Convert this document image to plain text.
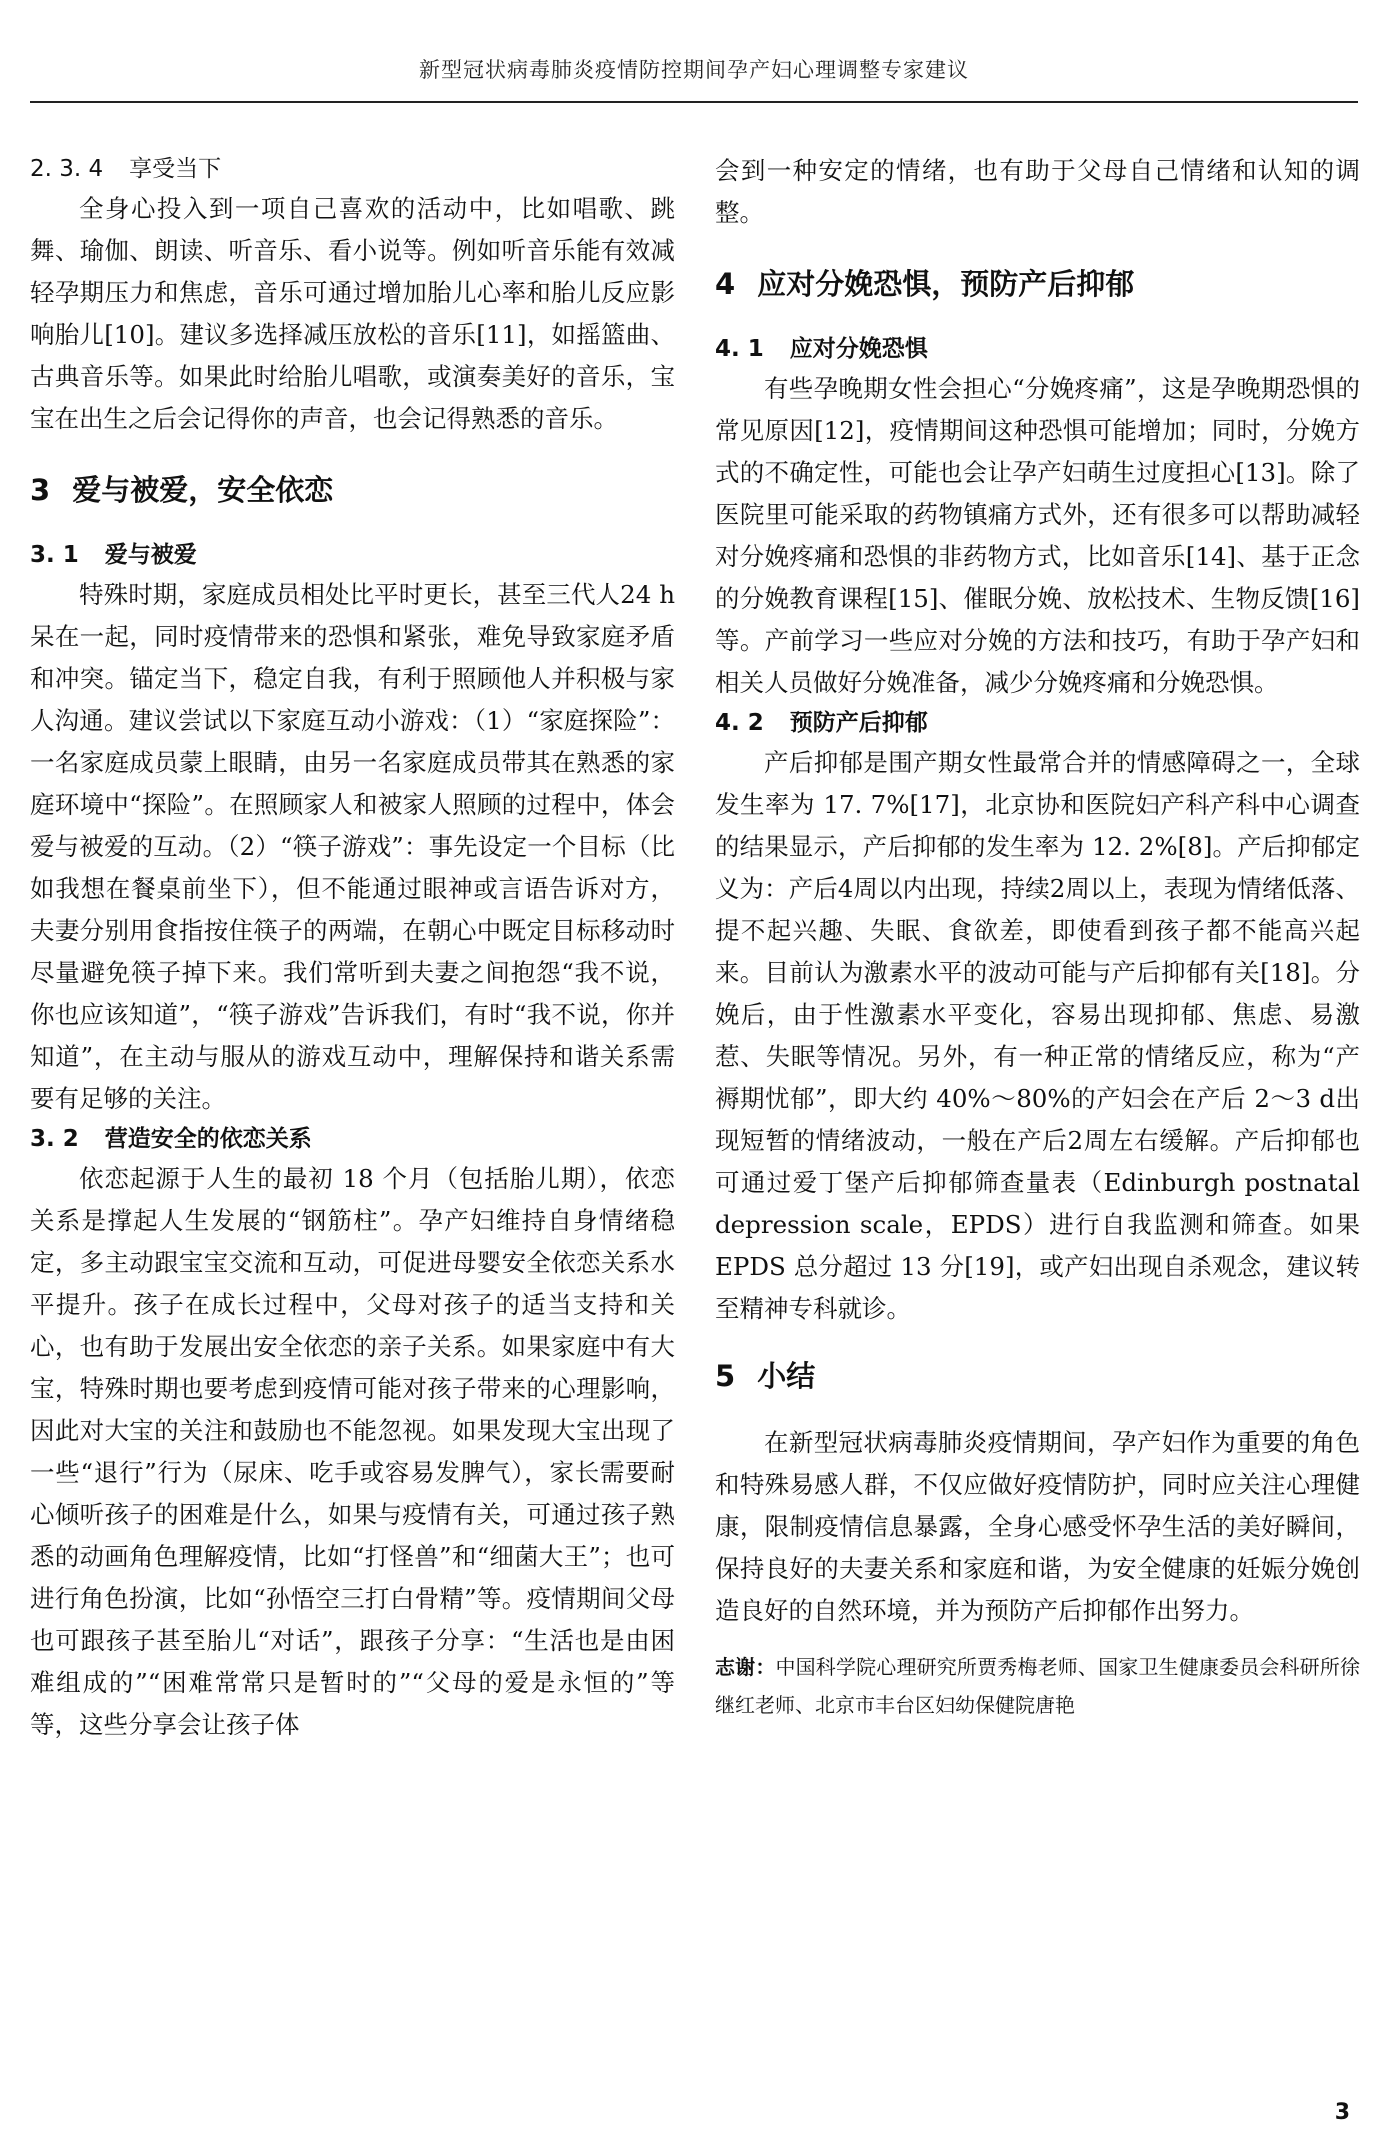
新型冠状病毒肺炎疫情防控期间孕产妇心理调整专家建议
2. 3. 4 享受当下

全身心投入到一项自己喜欢的活动中，比如唱歌、跳舞、瑜伽、朗读、听音乐、看小说等。例如听音乐能有效减轻孕期压力和焦虑，音乐可通过增加胎儿心率和胎儿反应影响胎儿[10]。建议多选择减压放松的音乐[11]，如摇篮曲、古典音乐等。如果此时给胎儿唱歌，或演奏美好的音乐，宝宝在出生之后会记得你的声音，也会记得熟悉的音乐。

3 爱与被爱，安全依恋
3. 1 爱与被爱

特殊时期，家庭成员相处比平时更长，甚至三代人24 h呆在一起，同时疫情带来的恐惧和紧张，难免导致家庭矛盾和冲突。锚定当下，稳定自我，有利于照顾他人并积极与家人沟通。建议尝试以下家庭互动小游戏：（1）“家庭探险”：一名家庭成员蒙上眼睛，由另一名家庭成员带其在熟悉的家庭环境中“探险”。在照顾家人和被家人照顾的过程中，体会爱与被爱的互动。（2）“筷子游戏”：事先设定一个目标（比如我想在餐桌前坐下），但不能通过眼神或言语告诉对方，夫妻分别用食指按住筷子的两端，在朝心中既定目标移动时尽量避免筷子掉下来。我们常听到夫妻之间抱怨“我不说，你也应该知道”，“筷子游戏”告诉我们，有时“我不说，你并知道”，在主动与服从的游戏互动中，理解保持和谐关系需要有足够的关注。

3. 2 营造安全的依恋关系

依恋起源于人生的最初 18 个月（包括胎儿期），依恋关系是撑起人生发展的“钢筋柱”。孕产妇维持自身情绪稳定，多主动跟宝宝交流和互动，可促进母婴安全依恋关系水平提升。孩子在成长过程中，父母对孩子的适当支持和关心，也有助于发展出安全依恋的亲子关系。如果家庭中有大宝，特殊时期也要考虑到疫情可能对孩子带来的心理影响，因此对大宝的关注和鼓励也不能忽视。如果发现大宝出现了一些“退行”行为（尿床、吃手或容易发脾气），家长需要耐心倾听孩子的困难是什么，如果与疫情有关，可通过孩子熟悉的动画角色理解疫情，比如“打怪兽”和“细菌大王”；也可进行角色扮演，比如“孙悟空三打白骨精”等。疫情期间父母也可跟孩子甚至胎儿“对话”，跟孩子分享：“生活也是由困难组成的”“困难常常只是暂时的”“父母的爱是永恒的”等等，这些分享会让孩子体

会到一种安定的情绪，也有助于父母自己情绪和认知的调整。

4 应对分娩恐惧，预防产后抑郁
4. 1 应对分娩恐惧

有些孕晚期女性会担心“分娩疼痛”，这是孕晚期恐惧的常见原因[12]，疫情期间这种恐惧可能增加；同时，分娩方式的不确定性，可能也会让孕产妇萌生过度担心[13]。除了医院里可能采取的药物镇痛方式外，还有很多可以帮助减轻对分娩疼痛和恐惧的非药物方式，比如音乐[14]、基于正念的分娩教育课程[15]、催眠分娩、放松技术、生物反馈[16]等。产前学习一些应对分娩的方法和技巧，有助于孕产妇和相关人员做好分娩准备，减少分娩疼痛和分娩恐惧。

4. 2 预防产后抑郁

产后抑郁是围产期女性最常合并的情感障碍之一，全球发生率为 17. 7%[17]，北京协和医院妇产科产科中心调查的结果显示，产后抑郁的发生率为 12. 2%[8]。产后抑郁定义为：产后4周以内出现，持续2周以上，表现为情绪低落、提不起兴趣、失眠、食欲差，即使看到孩子都不能高兴起来。目前认为激素水平的波动可能与产后抑郁有关[18]。分娩后，由于性激素水平变化，容易出现抑郁、焦虑、易激惹、失眠等情况。另外，有一种正常的情绪反应，称为“产褥期忧郁”，即大约 40%～80%的产妇会在产后 2～3 d出现短暂的情绪波动，一般在产后2周左右缓解。产后抑郁也可通过爱丁堡产后抑郁筛查量表（Edinburgh postnatal depression scale，EPDS）进行自我监测和筛查。如果 EPDS 总分超过 13 分[19]，或产妇出现自杀观念，建议转至精神专科就诊。

5 小结

在新型冠状病毒肺炎疫情期间，孕产妇作为重要的角色和特殊易感人群，不仅应做好疫情防护，同时应关注心理健康，限制疫情信息暴露，全身心感受怀孕生活的美好瞬间，保持良好的夫妻关系和家庭和谐，为安全健康的妊娠分娩创造良好的自然环境，并为预防产后抑郁作出努力。

志谢：中国科学院心理研究所贾秀梅老师、国家卫生健康委员会科研所徐继红老师、北京市丰台区妇幼保健院唐艳

3
